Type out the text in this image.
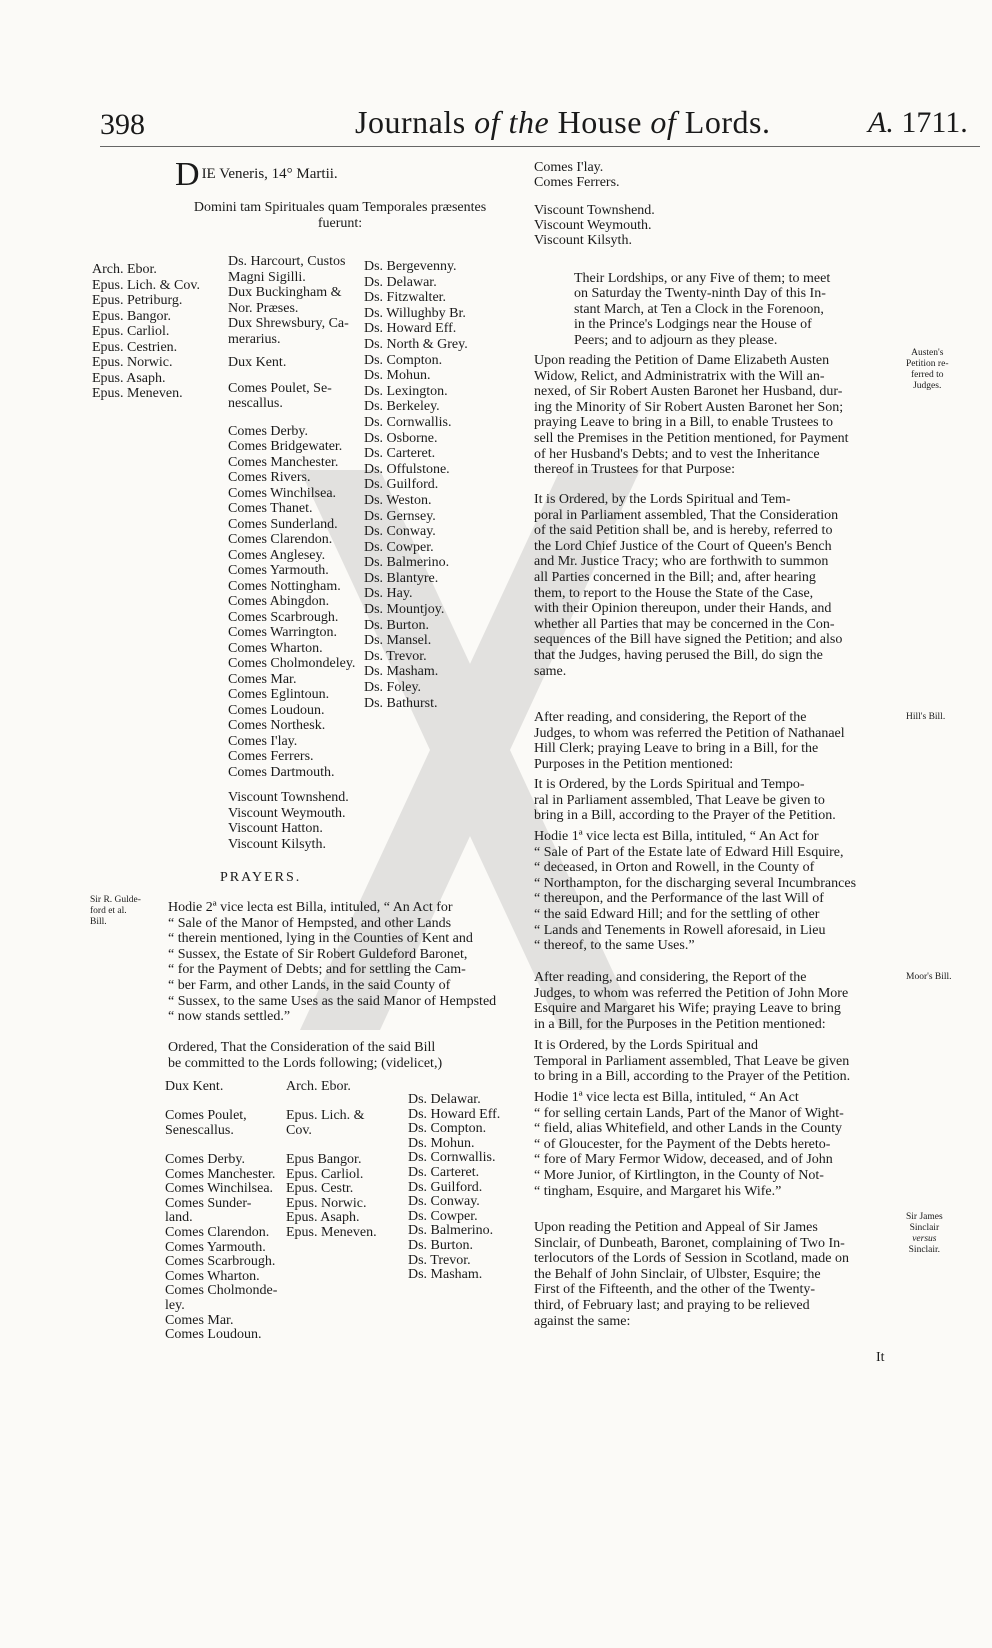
398	Journals of the House of Lords.	A. 1711.
D IE Veneris, 14° Martii.
Domini tam Spirituales quam Temporales præsentes
fuerunt:
Arch. Ebor.
Epus. Lich. & Cov.
Epus. Petriburg.
Epus. Bangor.
Epus. Carliol.
Epus. Cestrien.
Epus. Norwic.
Epus. Asaph.
Epus. Meneven.
Ds. Harcourt, Custos
Magni Sigilli.
Dux Buckingham &
Nor. Præses.
Dux Shrewsbury, Ca-
merarius.
Dux Kent.
Comes Poulet, Se-
nescallus.
Comes Derby.
Comes Bridgewater.
Comes Manchester.
Comes Rivers.
Comes Winchilsea.
Comes Thanet.
Comes Sunderland.
Comes Clarendon.
Comes Anglesey.
Comes Yarmouth.
Comes Nottingham.
Comes Abingdon.
Comes Scarbrough.
Comes Warrington.
Comes Wharton.
Comes Cholmondeley.
Comes Mar.
Comes Eglintoun.
Comes Loudoun.
Comes Northesk.
Comes I'lay.
Comes Ferrers.
Comes Dartmouth.
Viscount Townshend.
Viscount Weymouth.
Viscount Hatton.
Viscount Kilsyth.
Ds. Bergevenny.
Ds. Delawar.
Ds. Fitzwalter.
Ds. Willughby Br.
Ds. Howard Eff.
Ds. North & Grey.
Ds. Compton.
Ds. Mohun.
Ds. Lexington.
Ds. Berkeley.
Ds. Cornwallis.
Ds. Osborne.
Ds. Carteret.
Ds. Offulstone.
Ds. Guilford.
Ds. Weston.
Ds. Gernsey.
Ds. Conway.
Ds. Cowper.
Ds. Balmerino.
Ds. Blantyre.
Ds. Hay.
Ds. Mountjoy.
Ds. Burton.
Ds. Mansel.
Ds. Trevor.
Ds. Masham.
Ds. Foley.
Ds. Bathurst.
PRAYERS.
Sir R. Gulde-
ford et al.
Bill.
Hodie 2ª vice lecta est Billa, intituled, “ An Act for
“ Sale of the Manor of Hempsted, and other Lands
“ therein mentioned, lying in the Counties of Kent and
“ Sussex, the Estate of Sir Robert Guldeford Baronet,
“ for the Payment of Debts; and for settling the Cam-
“ ber Farm, and other Lands, in the said County of
“ Sussex, to the same Uses as the said Manor of Hempsted
“ now stands settled.”
Ordered, That the Consideration of the said Bill
be committed to the Lords following; (videlicet,)
Dux Kent.

Comes Poulet,
Senescallus.

Comes Derby.
Comes Manchester.
Comes Winchilsea.
Comes Sunder-
land.
Comes Clarendon.
Comes Yarmouth.
Comes Scarbrough.
Comes Wharton.
Comes Cholmonde-
ley.
Comes Mar.
Comes Loudoun.
Arch. Ebor.

Epus. Lich. &
Cov.

Epus Bangor.
Epus. Carliol.
Epus. Cestr.
Epus. Norwic.
Epus. Asaph.
Epus. Meneven.
Ds. Delawar.
Ds. Howard Eff.
Ds. Compton.
Ds. Mohun.
Ds. Cornwallis.
Ds. Carteret.
Ds. Guilford.
Ds. Conway.
Ds. Cowper.
Ds. Balmerino.
Ds. Burton.
Ds. Trevor.
Ds. Masham.
Comes I'lay.
Comes Ferrers.
Viscount Townshend.
Viscount Weymouth.
Viscount Kilsyth.
Their Lordships, or any Five of them; to meet
on Saturday the Twenty-ninth Day of this In-
stant March, at Ten a Clock in the Forenoon,
in the Prince's Lodgings near the House of
Peers; and to adjourn as they please.
Austen's
Petition re-
ferred to
Judges.
Upon reading the Petition of Dame Elizabeth Austen
Widow, Relict, and Administratrix with the Will an-
nexed, of Sir Robert Austen Baronet her Husband, dur-
ing the Minority of Sir Robert Austen Baronet her Son;
praying Leave to bring in a Bill, to enable Trustees to
sell the Premises in the Petition mentioned, for Payment
of her Husband's Debts; and to vest the Inheritance
thereof in Trustees for that Purpose:
It is Ordered, by the Lords Spiritual and Tem-
poral in Parliament assembled, That the Consideration
of the said Petition shall be, and is hereby, referred to
the Lord Chief Justice of the Court of Queen's Bench
and Mr. Justice Tracy; who are forthwith to summon
all Parties concerned in the Bill; and, after hearing
them, to report to the House the State of the Case,
with their Opinion thereupon, under their Hands, and
whether all Parties that may be concerned in the Con-
sequences of the Bill have signed the Petition; and also
that the Judges, having perused the Bill, do sign the
same.
Hill's Bill.
After reading, and considering, the Report of the
Judges, to whom was referred the Petition of Nathanael
Hill Clerk; praying Leave to bring in a Bill, for the
Purposes in the Petition mentioned:
It is Ordered, by the Lords Spiritual and Tempo-
ral in Parliament assembled, That Leave be given to
bring in a Bill, according to the Prayer of the Petition.
Hodie 1ª vice lecta est Billa, intituled, “ An Act for
“ Sale of Part of the Estate late of Edward Hill Esquire,
“ deceased, in Orton and Rowell, in the County of
“ Northampton, for the discharging several Incumbrances
“ thereupon, and the Performance of the last Will of
“ the said Edward Hill; and for the settling of other
“ Lands and Tenements in Rowell aforesaid, in Lieu
“ thereof, to the same Uses.”
Moor's Bill.
After reading, and considering, the Report of the
Judges, to whom was referred the Petition of John More
Esquire and Margaret his Wife; praying Leave to bring
in a Bill, for the Purposes in the Petition mentioned:
It is Ordered, by the Lords Spiritual and
Temporal in Parliament assembled, That Leave be given
to bring in a Bill, according to the Prayer of the Petition.
Hodie 1ª vice lecta est Billa, intituled, “ An Act
“ for selling certain Lands, Part of the Manor of Wight-
“ field, alias Whitefield, and other Lands in the County
“ of Gloucester, for the Payment of the Debts hereto-
“ fore of Mary Fermor Widow, deceased, and of John
“ More Junior, of Kirtlington, in the County of Not-
“ tingham, Esquire, and Margaret his Wife.”
Sir James
Sinclair
versus
Sinclair.
Upon reading the Petition and Appeal of Sir James
Sinclair, of Dunbeath, Baronet, complaining of Two In-
terlocutors of the Lords of Session in Scotland, made on
the Behalf of John Sinclair, of Ulbster, Esquire; the
First of the Fifteenth, and the other of the Twenty-
third, of February last; and praying to be relieved
against the same:
It
